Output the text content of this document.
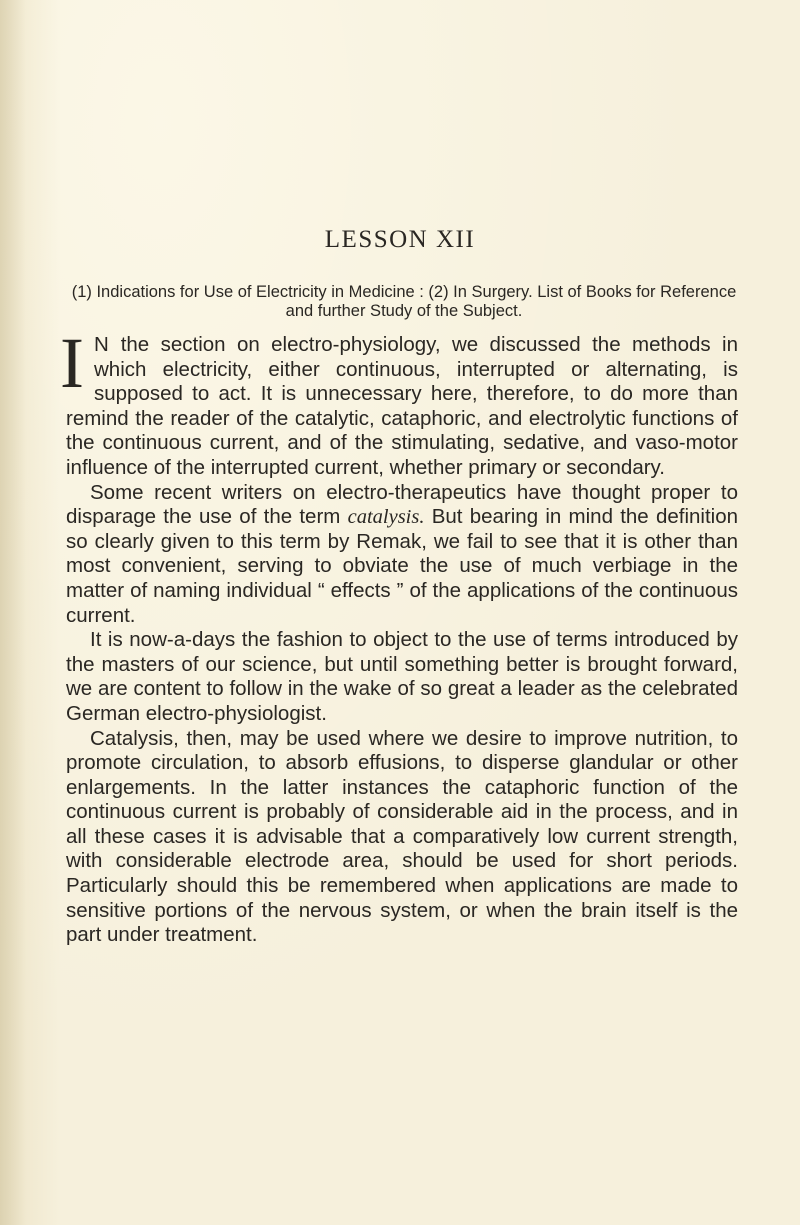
LESSON XII
(1) Indications for Use of Electricity in Medicine : (2) In Surgery. List of Books for Reference and further Study of the Subject.

I N the section on electro-physiology, we discussed the methods in which electricity, either continuous, interrupted or alternating, is supposed to act. It is unnecessary here, therefore, to do more than remind the reader of the catalytic, cataphoric, and electrolytic functions of the continuous current, and of the stimulating, sedative, and vaso-motor influence of the interrupted current, whether primary or secondary.

Some recent writers on electro-therapeutics have thought proper to disparage the use of the term catalysis. But bearing in mind the definition so clearly given to this term by Remak, we fail to see that it is other than most convenient, serving to obviate the use of much verbiage in the matter of naming individual “ effects ” of the applications of the continuous current.

It is now-a-days the fashion to object to the use of terms introduced by the masters of our science, but until something better is brought forward, we are content to follow in the wake of so great a leader as the celebrated German electro-physiologist.

Catalysis, then, may be used where we desire to improve nutrition, to promote circulation, to absorb effusions, to disperse glandular or other enlargements. In the latter instances the cataphoric function of the continuous current is probably of considerable aid in the process, and in all these cases it is advisable that a comparatively low current strength, with considerable electrode area, should be used for short periods. Particularly should this be remembered when applications are made to sensitive portions of the nervous system, or when the brain itself is the part under treatment.
